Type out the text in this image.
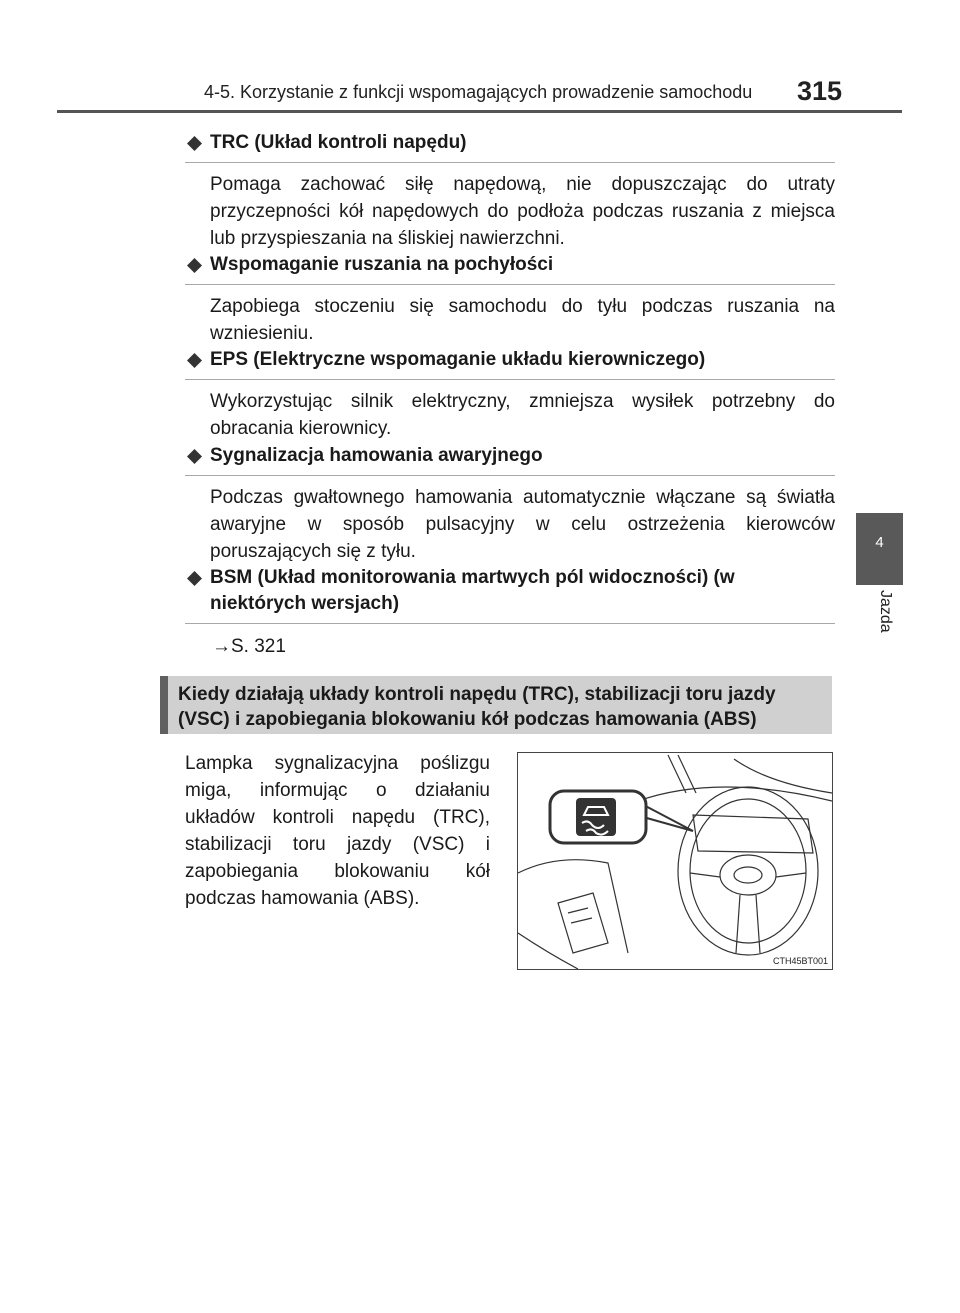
4-5. Korzystanie z funkcji wspomagających prowadzenie samochodu 315
4
Jazda
TRC (Układ kontroli napędu)
Pomaga zachować siłę napędową, nie dopuszczając do utraty przyczepności kół napędowych do podłoża podczas ruszania z miejsca lub przyspieszania na śliskiej nawierzchni.
Wspomaganie ruszania na pochyłości
Zapobiega stoczeniu się samochodu do tyłu podczas ruszania na wzniesieniu.
EPS (Elektryczne wspomaganie układu kierowniczego)
Wykorzystując silnik elektryczny, zmniejsza wysiłek potrzebny do obracania kierownicy.
Sygnalizacja hamowania awaryjnego
Podczas gwałtownego hamowania automatycznie włączane są światła awaryjne w sposób pulsacyjny w celu ostrzeżenia kierowców poruszających się z tyłu.
BSM (Układ monitorowania martwych pól widoczności) (w niektórych wersjach)
→S. 321
Kiedy działają układy kontroli napędu (TRC), stabilizacji toru jazdy (VSC) i zapobiegania blokowaniu kół podczas hamowania (ABS)
Lampka sygnalizacyjna poślizgu miga, informując o działaniu układów kontroli napędu (TRC), stabilizacji toru jazdy (VSC) i zapobiegania blokowaniu kół podczas hamowania (ABS).
CTH45BT001
